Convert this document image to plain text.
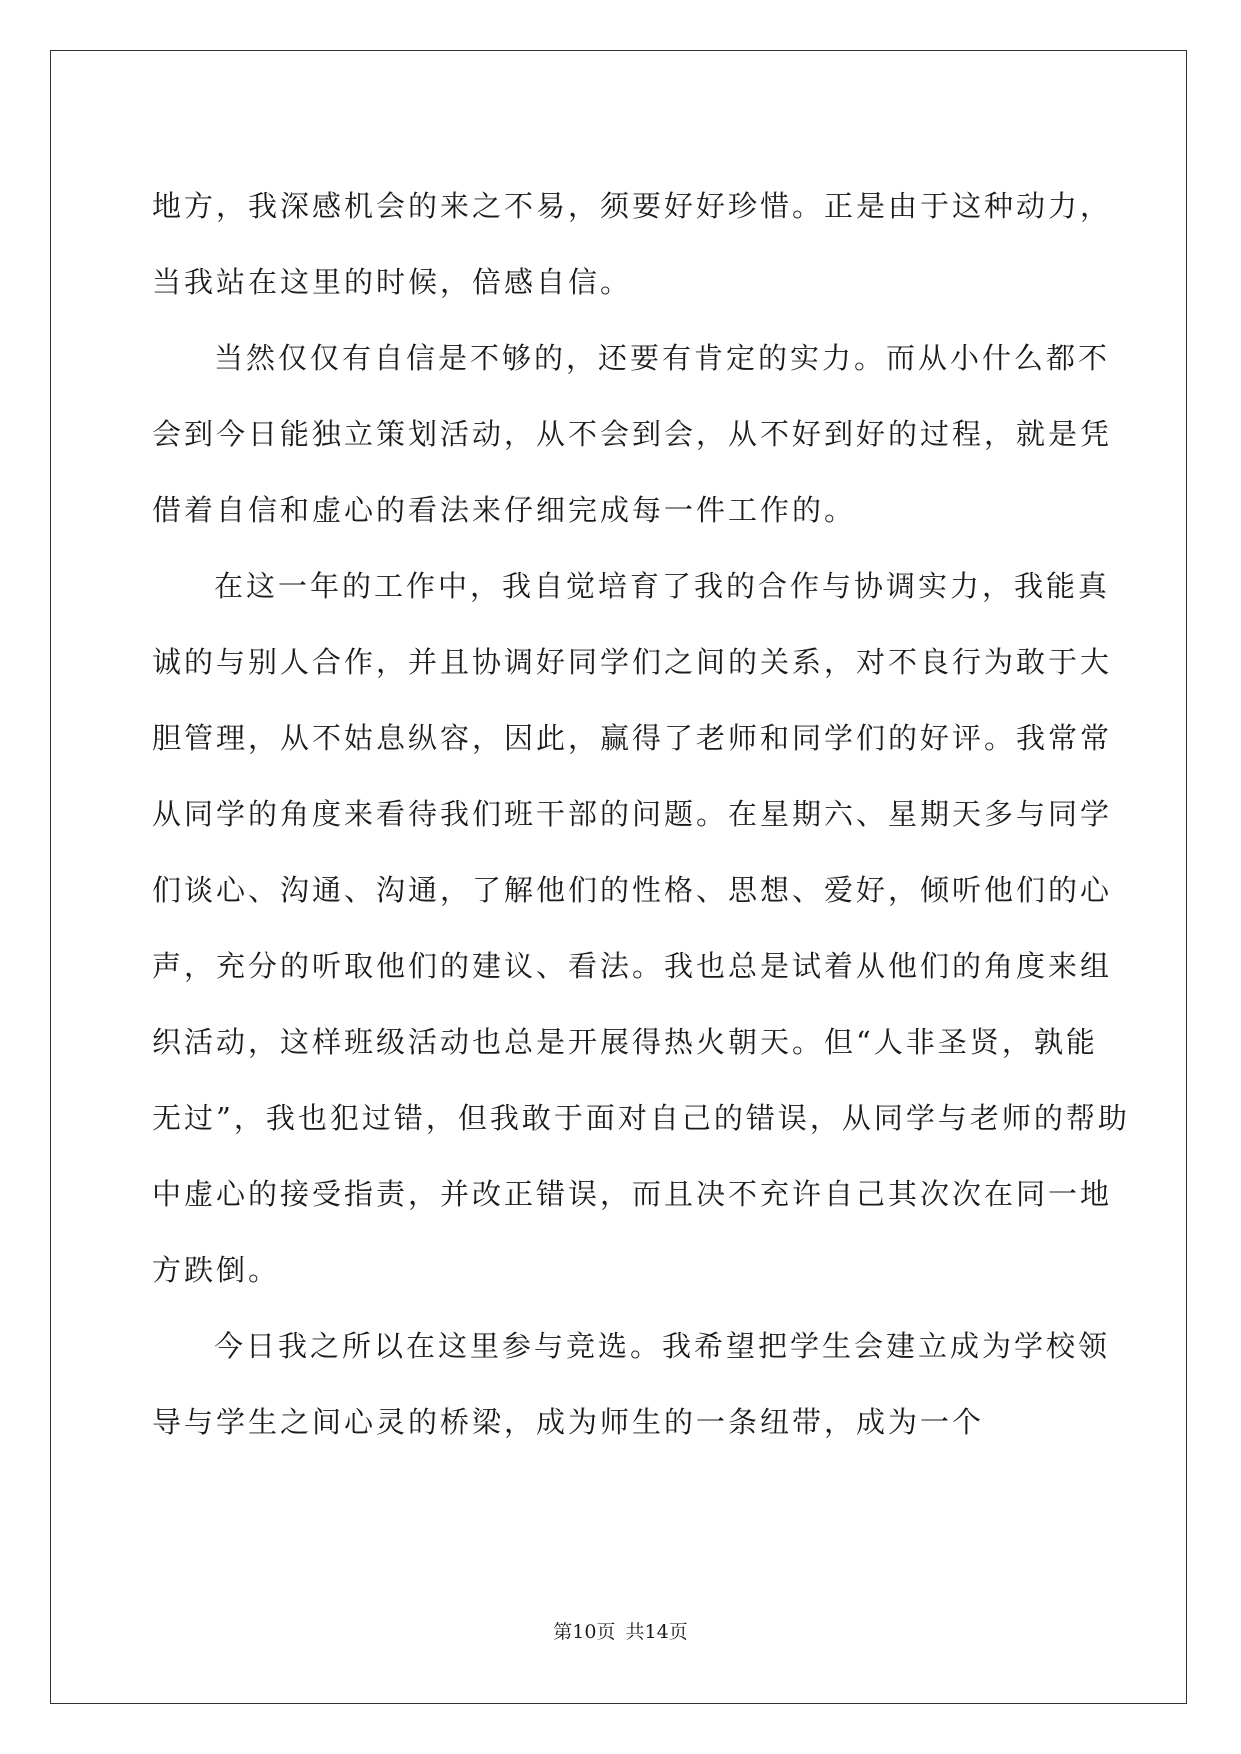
地方，我深感机会的来之不易，须要好好珍惜。正是由于这种动力，
当我站在这里的时候，倍感自信。
当然仅仅有自信是不够的，还要有肯定的实力。而从小什么都不
会到今日能独立策划活动，从不会到会，从不好到好的过程，就是凭
借着自信和虚心的看法来仔细完成每一件工作的。
在这一年的工作中，我自觉培育了我的合作与协调实力，我能真
诚的与别人合作，并且协调好同学们之间的关系，对不良行为敢于大
胆管理，从不姑息纵容，因此，赢得了老师和同学们的好评。我常常
从同学的角度来看待我们班干部的问题。在星期六、星期天多与同学
们谈心、沟通、沟通，了解他们的性格、思想、爱好，倾听他们的心
声，充分的听取他们的建议、看法。我也总是试着从他们的角度来组
织活动，这样班级活动也总是开展得热火朝天。但“人非圣贤，孰能
无过”，我也犯过错，但我敢于面对自己的错误，从同学与老师的帮助
中虚心的接受指责，并改正错误，而且决不充许自己其次次在同一地
方跌倒。
今日我之所以在这里参与竞选。我希望把学生会建立成为学校领
导与学生之间心灵的桥梁，成为师生的一条纽带，成为一个
第10页 共14页
